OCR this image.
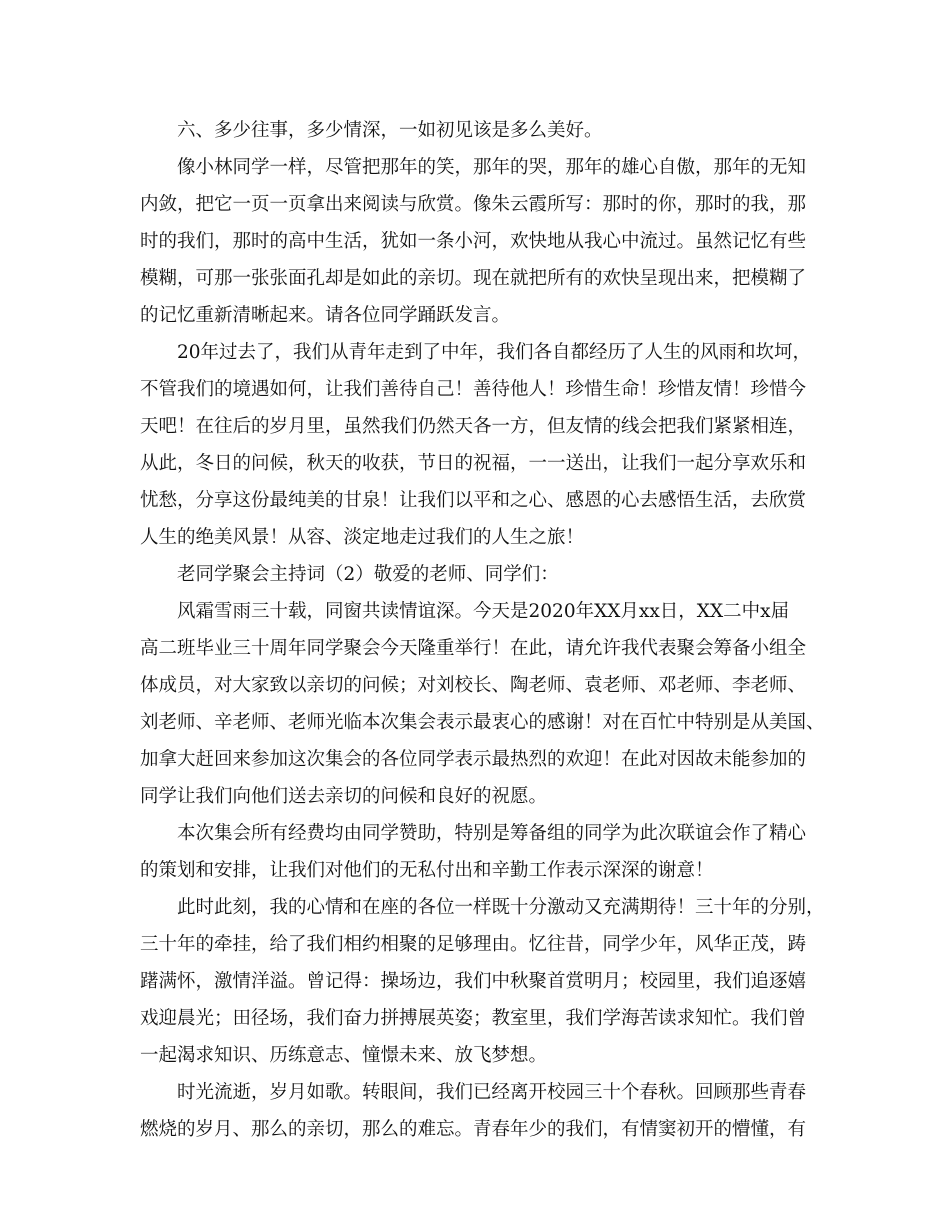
六、多少往事，多少情深，一如初见该是多么美好。

像小林同学一样，尽管把那年的笑，那年的哭，那年的雄心自傲，那年的无知
内敛，把它一页一页拿出来阅读与欣赏。像朱云霞所写：那时的你，那时的我，那
时的我们，那时的高中生活，犹如一条小河，欢快地从我心中流过。虽然记忆有些
模糊，可那一张张面孔却是如此的亲切。现在就把所有的欢快呈现出来，把模糊了
的记忆重新清晰起来。请各位同学踊跃发言。

20年过去了，我们从青年走到了中年，我们各自都经历了人生的风雨和坎坷，
不管我们的境遇如何，让我们善待自己！善待他人！珍惜生命！珍惜友情！珍惜今
天吧！在往后的岁月里，虽然我们仍然天各一方，但友情的线会把我们紧紧相连，
从此，冬日的问候，秋天的收获，节日的祝福，一一送出，让我们一起分享欢乐和
忧愁，分享这份最纯美的甘泉！让我们以平和之心、感恩的心去感悟生活，去欣赏
人生的绝美风景！从容、淡定地走过我们的人生之旅！

老同学聚会主持词（2）敬爱的老师、同学们：

风霜雪雨三十载，同窗共读情谊深。今天是2020年XX月xx日，XX二中x届
高二班毕业三十周年同学聚会今天隆重举行！在此，请允许我代表聚会筹备小组全
体成员，对大家致以亲切的问候；对刘校长、陶老师、袁老师、邓老师、李老师、
刘老师、辛老师、老师光临本次集会表示最衷心的感谢！对在百忙中特别是从美国、
加拿大赶回来参加这次集会的各位同学表示最热烈的欢迎！在此对因故未能参加的
同学让我们向他们送去亲切的问候和良好的祝愿。

本次集会所有经费均由同学赞助，特别是筹备组的同学为此次联谊会作了精心
的策划和安排，让我们对他们的无私付出和辛勤工作表示深深的谢意！

此时此刻，我的心情和在座的各位一样既十分激动又充满期待！三十年的分别，
三十年的牵挂，给了我们相约相聚的足够理由。忆往昔，同学少年，风华正茂，踌
躇满怀，激情洋溢。曾记得：操场边，我们中秋聚首赏明月；校园里，我们追逐嬉
戏迎晨光；田径场，我们奋力拼搏展英姿；教室里，我们学海苦读求知忙。我们曾
一起渴求知识、历练意志、憧憬未来、放飞梦想。

时光流逝，岁月如歌。转眼间，我们已经离开校园三十个春秋。回顾那些青春
燃烧的岁月、那么的亲切，那么的难忘。青春年少的我们，有情窦初开的懵懂，有
